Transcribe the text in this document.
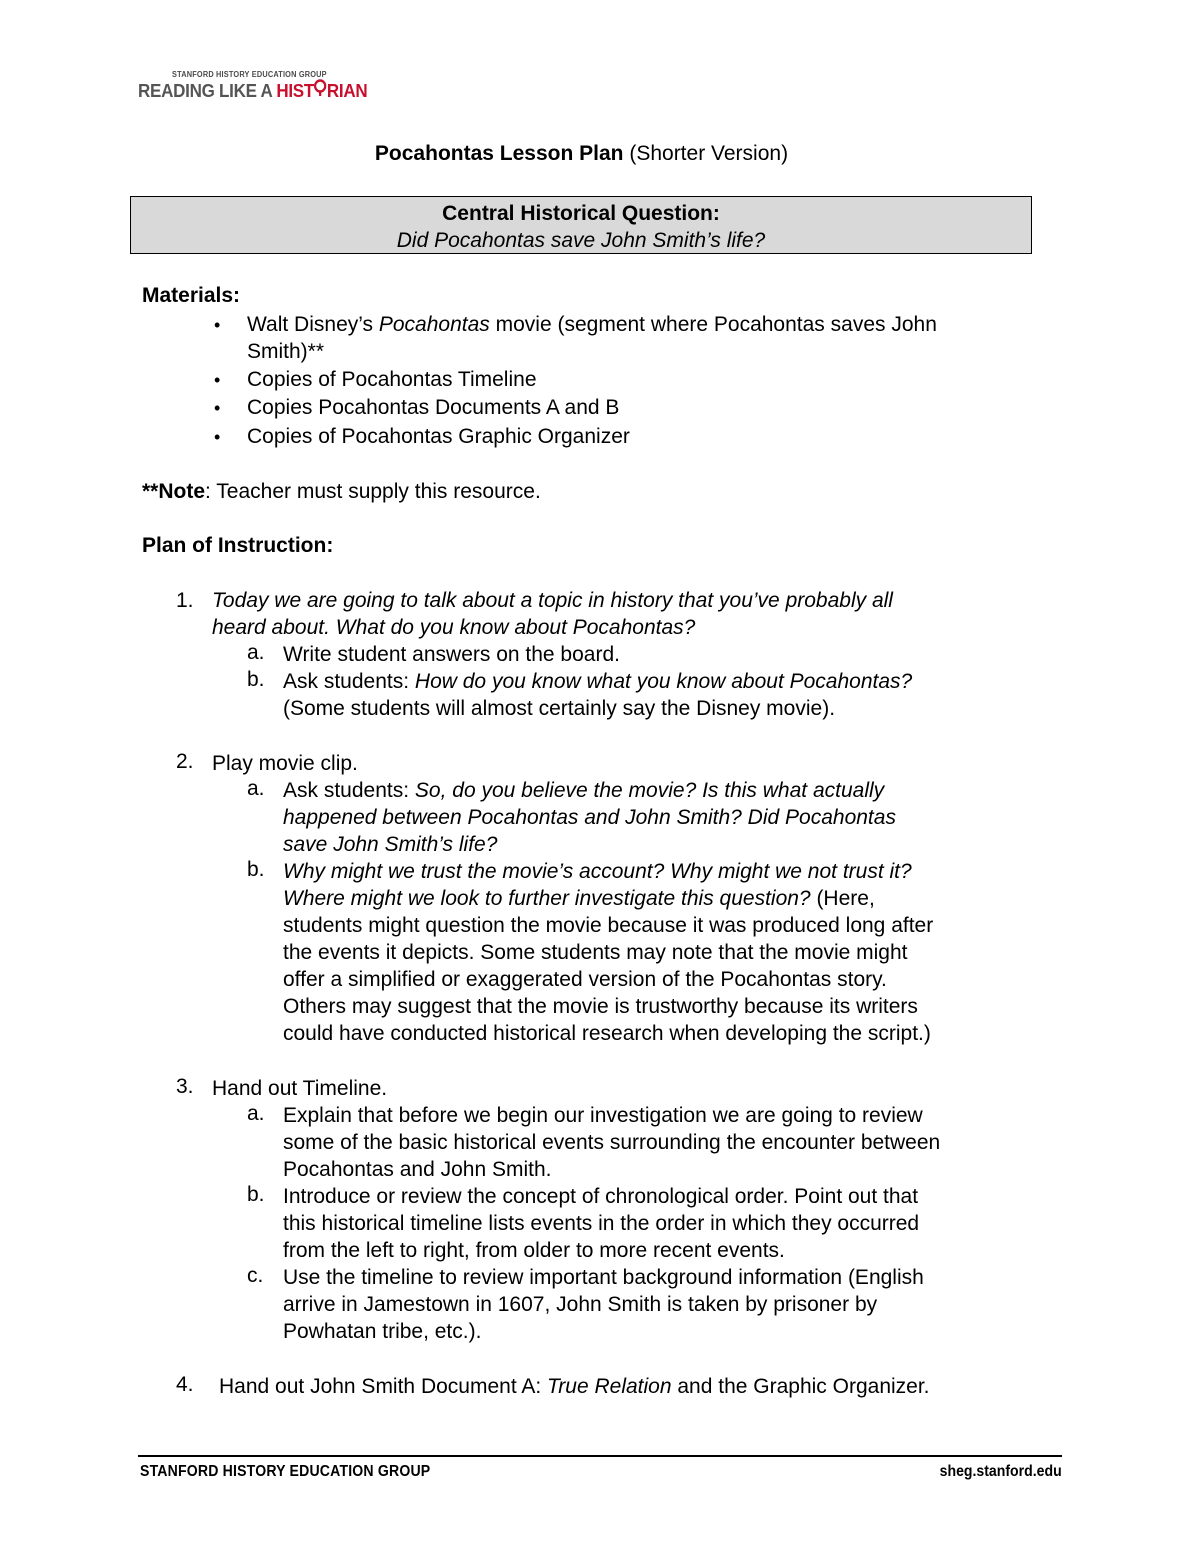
STANFORD HISTORY EDUCATION GROUP
READING LIKE A HIST RIAN
Pocahontas Lesson Plan (Shorter Version)
Central Historical Question:
Did Pocahontas save John Smith’s life?
Materials:
• Walt Disney’s Pocahontas movie (segment where Pocahontas saves John
Smith)**
• Copies of Pocahontas Timeline
• Copies Pocahontas Documents A and B
• Copies of Pocahontas Graphic Organizer
**Note: Teacher must supply this resource.
Plan of Instruction:
1. Today we are going to talk about a topic in history that you’ve probably all
heard about. What do you know about Pocahontas?
a. Write student answers on the board.
b. Ask students: How do you know what you know about Pocahontas?
(Some students will almost certainly say the Disney movie).
2. Play movie clip.
a. Ask students: So, do you believe the movie? Is this what actually
happened between Pocahontas and John Smith? Did Pocahontas
save John Smith’s life?
b. Why might we trust the movie’s account? Why might we not trust it?
Where might we look to further investigate this question? (Here,
students might question the movie because it was produced long after
the events it depicts. Some students may note that the movie might
offer a simplified or exaggerated version of the Pocahontas story.
Others may suggest that the movie is trustworthy because its writers
could have conducted historical research when developing the script.)
3. Hand out Timeline.
a. Explain that before we begin our investigation we are going to review
some of the basic historical events surrounding the encounter between
Pocahontas and John Smith.
b. Introduce or review the concept of chronological order. Point out that
this historical timeline lists events in the order in which they occurred
from the left to right, from older to more recent events.
c. Use the timeline to review important background information (English
arrive in Jamestown in 1607, John Smith is taken by prisoner by
Powhatan tribe, etc.).
4. Hand out John Smith Document A: True Relation and the Graphic Organizer.
STANFORD HISTORY EDUCATION GROUP	sheg.stanford.edu
